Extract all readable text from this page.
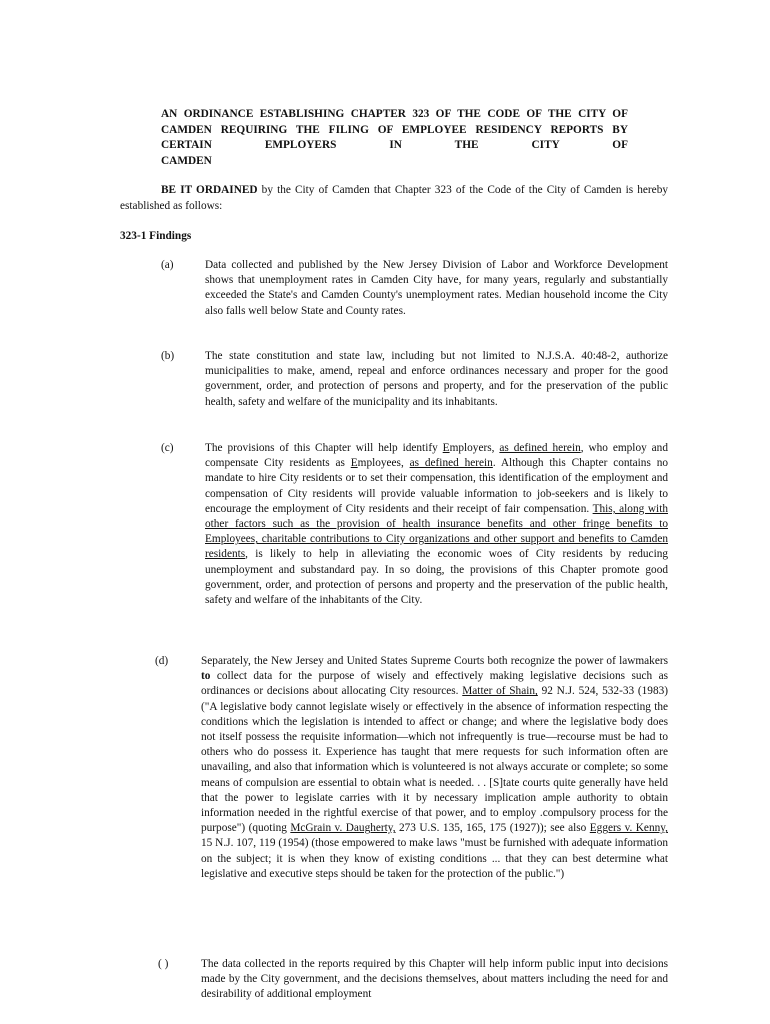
AN ORDINANCE ESTABLISHING CHAPTER 323 OF THE CODE OF THE CITY OF CAMDEN REQUIRING THE FILING OF EMPLOYEE RESIDENCY REPORTS BY CERTAIN EMPLOYERS IN THE CITY OF
CAMDEN
BE IT ORDAINED by the City of Camden that Chapter 323 of the Code of the City of Camden is hereby established as follows:
323-1 Findings
(a)	Data collected and published by the New Jersey Division of Labor and Workforce Development shows that unemployment rates in Camden City have, for many years, regularly and substantially exceeded the State's and Camden County's unemployment rates. Median household income the City also falls well below State and County rates.
(b)	The state constitution and state law, including but not limited to N.J.S.A. 40:48-2, authorize municipalities to make, amend, repeal and enforce ordinances necessary and proper for the good government, order, and protection of persons and property, and for the preservation of the public health, safety and welfare of the municipality and its inhabitants.
(c)	The provisions of this Chapter will help identify Employers, as defined herein, who employ and compensate City residents as Employees, as defined herein. Although this Chapter contains no mandate to hire City residents or to set their compensation, this identification of the employment and compensation of City residents will provide valuable information to job-seekers and is likely to encourage the employment of City residents and their receipt of fair compensation. This, along with other factors such as the provision of health insurance benefits and other fringe benefits to Employees, charitable contributions to City organizations and other support and benefits to Camden residents, is likely to help in alleviating the economic woes of City residents by reducing unemployment and substandard pay. In so doing, the provisions of this Chapter promote good government, order, and protection of persons and property and the preservation of the public health, safety and welfare of the inhabitants of the City.
(d)	Separately, the New Jersey and United States Supreme Courts both recognize the power of lawmakers to collect data for the purpose of wisely and effectively making legislative decisions such as ordinances or decisions about allocating City resources. Matter of Shain, 92 N.J. 524, 532-33 (1983) ("A legislative body cannot legislate wisely or effectively in the absence of information respecting the conditions which the legislation is intended to affect or change; and where the legislative body does not itself possess the requisite information—which not infrequently is true—recourse must be had to others who do possess it. Experience has taught that mere requests for such information often are unavailing, and also that information which is volunteered is not always accurate or complete; so some means of compulsion are essential to obtain what is needed. . . [S]tate courts quite generally have held that the power to legislate carries with it by necessary implication ample authority to obtain information needed in the rightful exercise of that power, and to employ .compulsory process for the purpose") (quoting McGrain v. Daugherty, 273 U.S. 135, 165, 175 (1927)); see also Eggers v. Kenny, 15 N.J. 107, 119 (1954) (those empowered to make laws "must be furnished with adequate information on the subject; it is when they know of existing conditions ... that they can best determine what legislative and executive steps should be taken for the protection of the public.")
( )	The data collected in the reports required by this Chapter will help inform public input into decisions made by the City government, and the decisions themselves, about matters including the need for and desirability of additional employment
